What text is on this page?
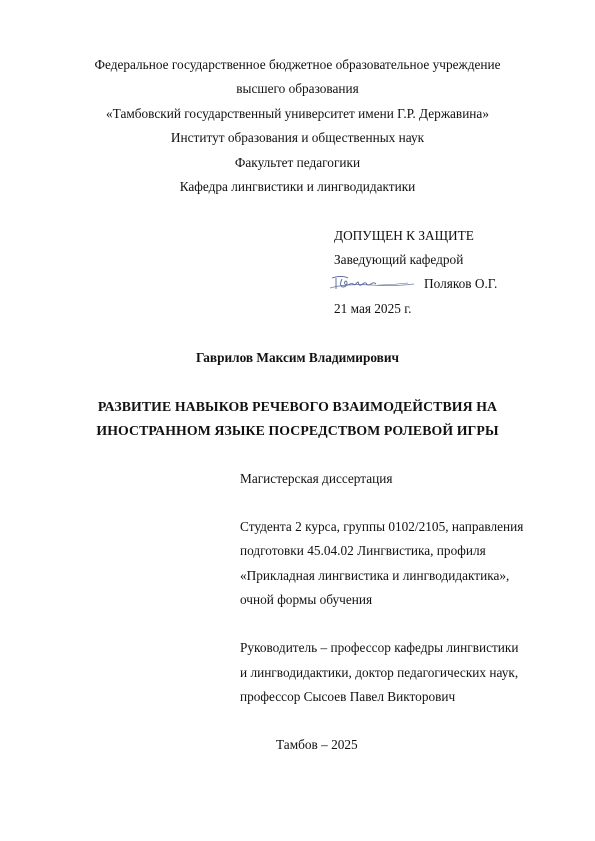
Федеральное государственное бюджетное образовательное учреждение
высшего образования
«Тамбовский государственный университет имени Г.Р. Державина»
Институт образования и общественных наук
Факультет педагогики
Кафедра лингвистики и лингводидактики
ДОПУЩЕН К ЗАЩИТЕ
Заведующий кафедрой
Поляков О.Г.
21 мая 2025 г.
Гаврилов Максим Владимирович
РАЗВИТИЕ НАВЫКОВ РЕЧЕВОГО ВЗАИМОДЕЙСТВИЯ НА
ИНОСТРАННОМ ЯЗЫКЕ ПОСРЕДСТВОМ РОЛЕВОЙ ИГРЫ
Магистерская диссертация
Студента 2 курса, группы 0102/2105, направления
подготовки 45.04.02 Лингвистика, профиля
«Прикладная лингвистика и лингводидактика»,
очной формы обучения
Руководитель – профессор кафедры лингвистики
и лингводидактики, доктор педагогических наук,
профессор Сысоев Павел Викторович
Тамбов – 2025
